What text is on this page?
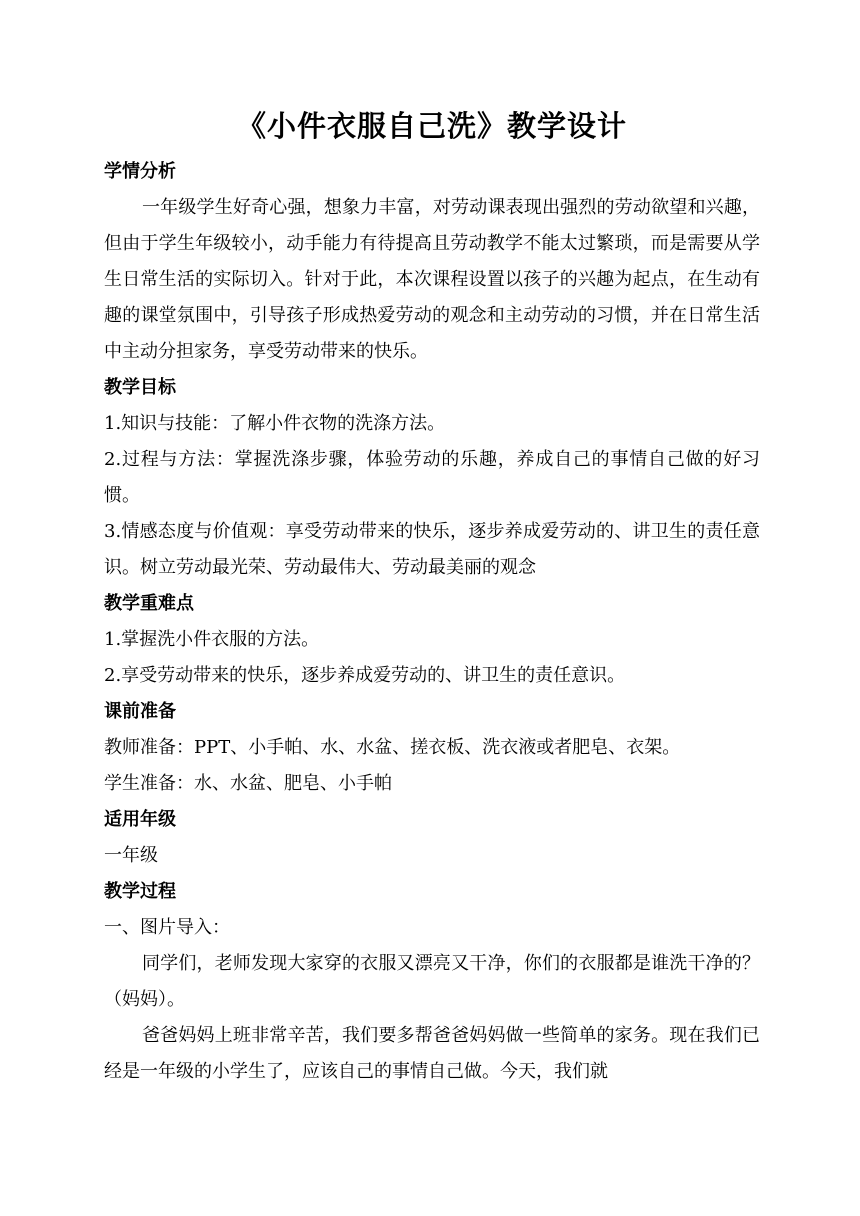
《小件衣服自己洗》教学设计
学情分析

一年级学生好奇心强，想象力丰富，对劳动课表现出强烈的劳动欲望和兴趣，但由于学生年级较小，动手能力有待提高且劳动教学不能太过繁琐，而是需要从学生日常生活的实际切入。针对于此，本次课程设置以孩子的兴趣为起点，在生动有趣的课堂氛围中，引导孩子形成热爱劳动的观念和主动劳动的习惯，并在日常生活中主动分担家务，享受劳动带来的快乐。

教学目标

1.知识与技能：了解小件衣物的洗涤方法。

2.过程与方法：掌握洗涤步骤，体验劳动的乐趣，养成自己的事情自己做的好习惯。

3.情感态度与价值观：享受劳动带来的快乐，逐步养成爱劳动的、讲卫生的责任意识。树立劳动最光荣、劳动最伟大、劳动最美丽的观念

教学重难点

1.掌握洗小件衣服的方法。

2.享受劳动带来的快乐，逐步养成爱劳动的、讲卫生的责任意识。

课前准备

教师准备：PPT、小手帕、水、水盆、搓衣板、洗衣液或者肥皂、衣架。

学生准备：水、水盆、肥皂、小手帕

适用年级

一年级

教学过程

一、图片导入：

同学们，老师发现大家穿的衣服又漂亮又干净，你们的衣服都是谁洗干净的？（妈妈）。

爸爸妈妈上班非常辛苦，我们要多帮爸爸妈妈做一些简单的家务。现在我们已经是一年级的小学生了，应该自己的事情自己做。今天，我们就
